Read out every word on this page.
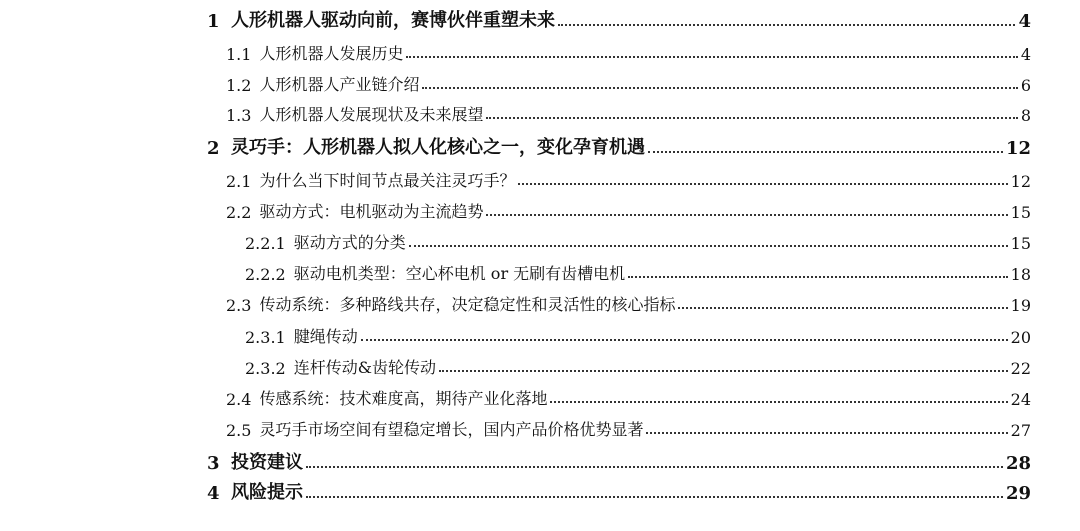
1 人形机器人驱动向前，赛博伙伴重塑未来	4
1.1 人形机器人发展历史	4
1.2 人形机器人产业链介绍	6
1.3 人形机器人发展现状及未来展望	8
2 灵巧手：人形机器人拟人化核心之一，变化孕育机遇	12
2.1 为什么当下时间节点最关注灵巧手？	12
2.2 驱动方式：电机驱动为主流趋势	15
2.2.1 驱动方式的分类	15
2.2.2 驱动电机类型：空心杯电机 or 无刷有齿槽电机	18
2.3 传动系统：多种路线共存，决定稳定性和灵活性的核心指标	19
2.3.1 腱绳传动	20
2.3.2 连杆传动&齿轮传动	22
2.4 传感系统：技术难度高，期待产业化落地	24
2.5 灵巧手市场空间有望稳定增长，国内产品价格优势显著	27
3 投资建议	28
4 风险提示	29
